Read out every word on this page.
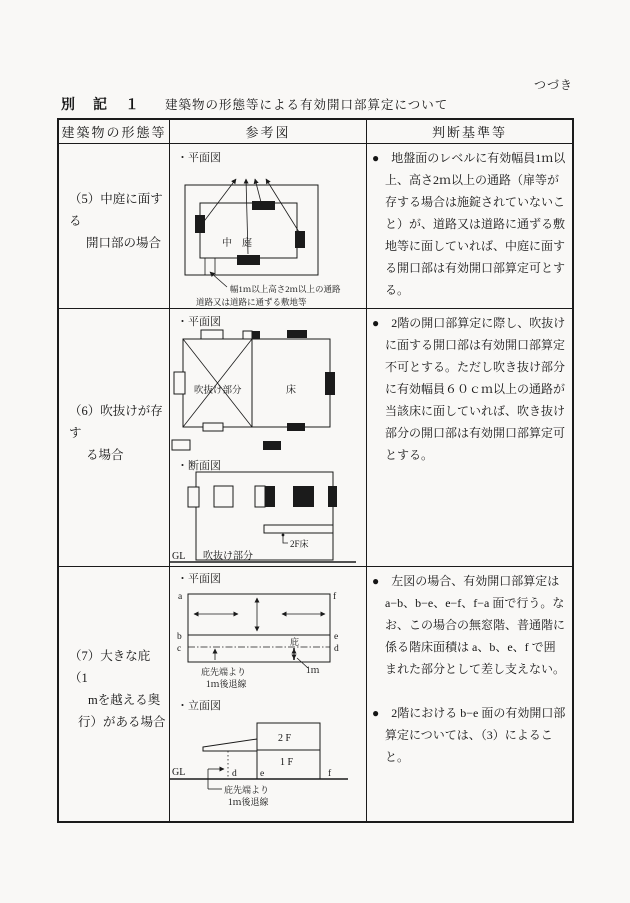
つづき
別　記　１ 建築物の形態等による有効開口部算定について
建築物の形態等	参考図	判断基準等
（5）中庭に面する
開口部の場合
・平面図
中　庭
幅1ｍ以上高さ2ｍ以上の通路
道路又は道路に通ずる敷地等

●　地盤面のレベルに有効幅員1ｍ以上、高さ2ｍ以上の通路（扉等が存する場合は施錠されていないこと）が、道路又は道路に通ずる敷地等に面していれば、中庭に面する開口部は有効開口部算定可とする。

（6）吹抜けが存す
る場合
・平面図
吹抜け部分	床
・断面図
2F床
GL 吹抜け部分

●　2階の開口部算定に際し、吹抜けに面する開口部は有効開口部算定不可とする。ただし吹き抜け部分に有効幅員６０ｃｍ以上の通路が当該床に面していれば、吹き抜け部分の開口部は有効開口部算定可とする。

（7）大きな庇（1
mを越える奥
行）がある場合
・平面図
a	f
b	e
c	d
庇
1ｍ
庇先端より
1ｍ後退線
・立面図
2 F
1 F
d e	f
GL
庇先端より
1ｍ後退線

●　左図の場合、有効開口部算定は a−b、b−e、e−f、f−a 面で行う。なお、この場合の無窓階、普通階に係る階床面積は a、b、e、f で囲まれた部分として差し支えない。

●　2階における b−e 面の有効開口部算定については、（3）によること。
